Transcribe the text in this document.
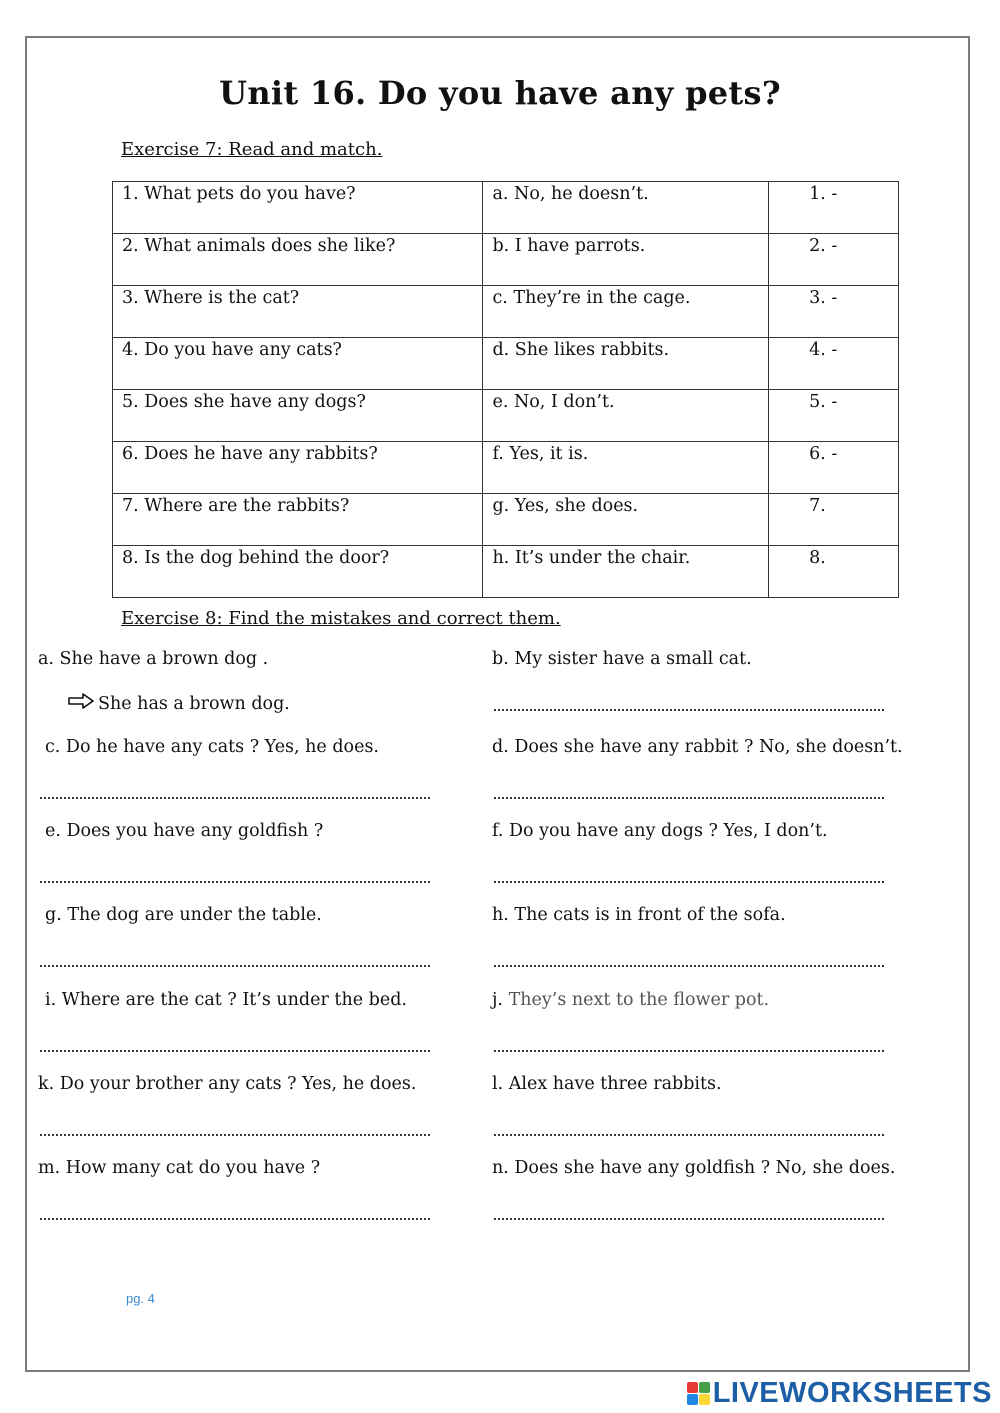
Unit 16. Do you have any pets?
Exercise 7: Read and match.
1. What pets do you have?	a. No, he doesn’t.	1. -
2. What animals does she like?	b. I have parrots.	2. -
3. Where is the cat?	c. They’re in the cage.	3. -
4. Do you have any cats?	d. She likes rabbits.	4. -
5. Does she have any dogs?	e. No, I don’t.	5. -
6. Does he have any rabbits?	f. Yes, it is.	6. -
7. Where are the rabbits?	g. Yes, she does.	7.
8. Is the dog behind the door?	h. It’s under the chair.	8.
Exercise 8: Find the mistakes and correct them.
a. She have a brown dog .	b. My sister have a small cat.
She has a brown dog.
c. Do he have any cats ? Yes, he does.	d. Does she have any rabbit ? No, she doesn’t.
e. Does you have any goldfish ?	f. Do you have any dogs ? Yes, I don’t.
g. The dog are under the table.	h. The cats is in front of the sofa.
i. Where are the cat ? It’s under the bed.	j. They’s next to the flower pot.
k. Do your brother any cats ? Yes, he does.	l. Alex have three rabbits.
m. How many cat do you have ?	n. Does she have any goldfish ? No, she does.
pg. 4
LIVEWORKSHEETS
